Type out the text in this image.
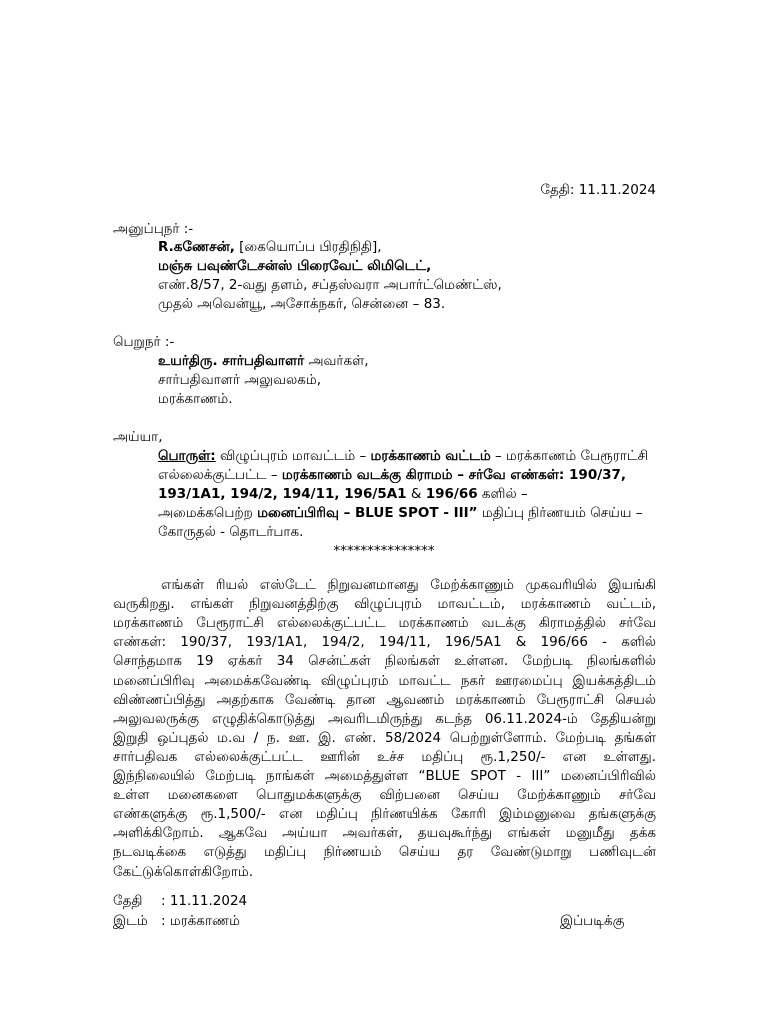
தேதி: 11.11.2024
அனுப்புநர் :-
R.கணேசன், [கையொப்ப பிரதிநிதி],
மஞ்சு பவுண்டேசன்ஸ் பிரைவேட் லிமிடெட்,
எண்.8/57, 2-வது தளம், சப்தஸ்வரா அபார்ட்மெண்ட்ஸ்,
முதல் அவென்யூ, அசோக்நகர், சென்னை – 83.
பெறுநர் :-
உயர்திரு. சார்பதிவாளர் அவர்கள்,
சார்பதிவாளர் அலுவலகம்,
மரக்காணம்.
அய்யா,
பொருள்: விழுப்புரம் மாவட்டம் – மரக்காணம் வட்டம் – மரக்காணம் பேரூராட்சி
எல்லைக்குட்பட்ட – மரக்காணம் வடக்கு கிராமம் – சர்வே எண்கள்: 190/37,
193/1A1, 194/2, 194/11, 196/5A1 & 196/66 களில் –
அமைக்கபெற்ற மனைப்பிரிவு – BLUE SPOT - III” மதிப்பு நிர்ணயம் செய்ய –
கோருதல் - தொடர்பாக.
***************
எங்கள் ரியல் எஸ்டேட் நிறுவனமானது மேற்க்காணும் முகவரியில் இயங்கி
வருகிறது. எங்கள் நிறுவனத்திற்கு விழுப்புரம் மாவட்டம், மரக்காணம் வட்டம்,
மரக்காணம் பேரூராட்சி எல்லைக்குட்பட்ட மரக்காணம் வடக்கு கிராமத்தில் சர்வே
எண்கள்: 190/37, 193/1A1, 194/2, 194/11, 196/5A1 & 196/66 - களில்
சொந்தமாக 19 ஏக்கர் 34 சென்ட்கள் நிலங்கள் உள்ளன. மேற்படி நிலங்களில்
மனைப்பிரிவு அமைக்கவேண்டி விழுப்புரம் மாவட்ட நகர் ஊரமைப்பு இயக்கத்திடம்
விண்ணப்பித்து அதற்காக வேண்டி தான ஆவணம் மரக்காணம் பேரூராட்சி செயல்
அலுவலருக்கு எழுதிக்கொடுத்து அவரிடமிருந்து கடந்த 06.11.2024-ம் தேதியன்று
இறுதி ஒப்புதல் ம.வ / ந. ஊ. இ. எண். 58/2024 பெற்றுள்ளோம். மேற்படி தங்கள்
சார்பதிவக எல்லைக்குட்பட்ட ஊரின் உச்ச மதிப்பு ரூ.1,250/- என உள்ளது.
இந்நிலையில் மேற்படி நாங்கள் அமைத்துள்ள “BLUE SPOT - III” மனைப்பிரிவில்
உள்ள மனைகளை பொதுமக்களுக்கு விற்பனை செய்ய மேற்க்காணும் சர்வே
எண்களுக்கு ரூ.1,500/- என மதிப்பு நிர்ணயிக்க கோரி இம்மனுவை தங்களுக்கு
அளிக்கிறோம். ஆகவே அய்யா அவர்கள், தயவுகூர்ந்து எங்கள் மனுமீது தக்க
நடவடிக்கை எடுத்து மதிப்பு நிர்ணயம் செய்ய தர வேண்டுமாறு பணிவுடன்
கேட்டுக்கொள்கிறோம்.
தேதி : 11.11.2024
இடம் : மரக்காணம்	இப்படிக்கு
